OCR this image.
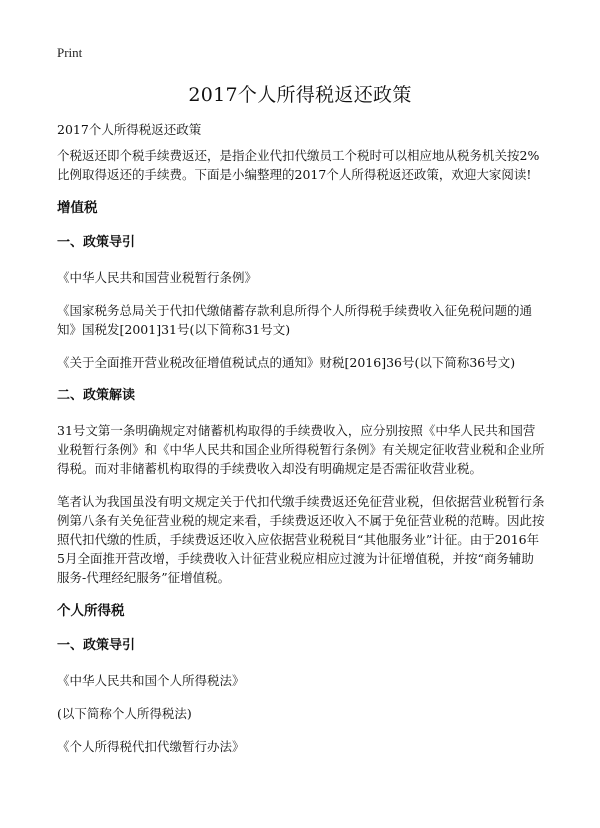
Print
2017个人所得税返还政策

2017个人所得税返还政策

个税返还即个税手续费返还，是指企业代扣代缴员工个税时可以相应地从税务机关按2%比例取得返还的手续费。下面是小编整理的2017个人所得税返还政策，欢迎大家阅读!

增值税
一、政策导引

《中华人民共和国营业税暂行条例》

《国家税务总局关于代扣代缴储蓄存款利息所得个人所得税手续费收入征免税问题的通知》国税发[2001]31号(以下简称31号文)

《关于全面推开营业税改征增值税试点的通知》财税[2016]36号(以下简称36号文)

二、政策解读

31号文第一条明确规定对储蓄机构取得的手续费收入，应分别按照《中华人民共和国营业税暂行条例》和《中华人民共和国企业所得税暂行条例》有关规定征收营业税和企业所得税。而对非储蓄机构取得的手续费收入却没有明确规定是否需征收营业税。

笔者认为我国虽没有明文规定关于代扣代缴手续费返还免征营业税，但依据营业税暂行条例第八条有关免征营业税的规定来看，手续费返还收入不属于免征营业税的范畴。因此按照代扣代缴的性质，手续费返还收入应依据营业税税目“其他服务业”计征。由于2016年5月全面推开营改增，手续费收入计征营业税应相应过渡为计征增值税，并按“商务辅助服务-代理经纪服务”征增值税。

个人所得税
一、政策导引

《中华人民共和国个人所得税法》

(以下简称个人所得税法)

《个人所得税代扣代缴暂行办法》
